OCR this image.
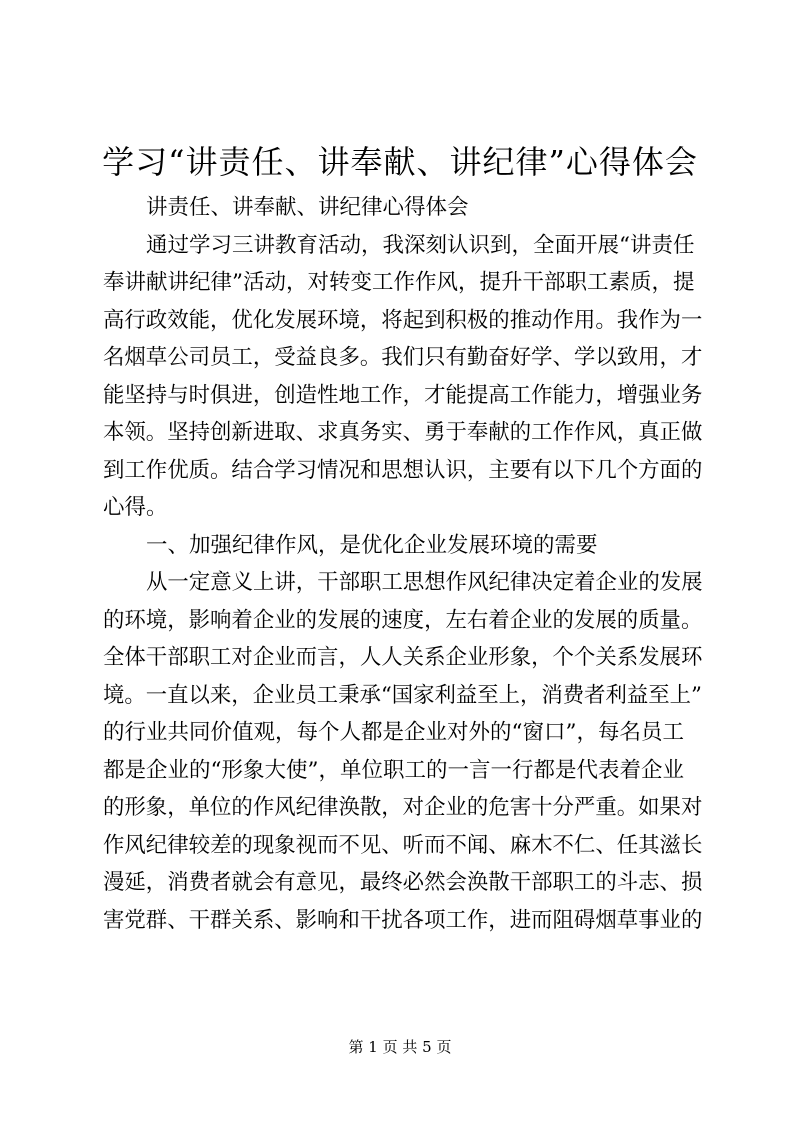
学习“讲责任、讲奉献、讲纪律”心得体会

讲责任、讲奉献、讲纪律心得体会

通过学习三讲教育活动，我深刻认识到，全面开展“讲责任
奉讲献讲纪律”活动，对转变工作作风，提升干部职工素质，提
高行政效能，优化发展环境，将起到积极的推动作用。我作为一
名烟草公司员工，受益良多。我们只有勤奋好学、学以致用，才
能坚持与时俱进，创造性地工作，才能提高工作能力，增强业务
本领。坚持创新进取、求真务实、勇于奉献的工作作风，真正做
到工作优质。结合学习情况和思想认识，主要有以下几个方面的
心得。

一、加强纪律作风，是优化企业发展环境的需要

从一定意义上讲，干部职工思想作风纪律决定着企业的发展
的环境，影响着企业的发展的速度，左右着企业的发展的质量。
全体干部职工对企业而言，人人关系企业形象，个个关系发展环
境。一直以来，企业员工秉承“国家利益至上，消费者利益至上”
的行业共同价值观，每个人都是企业对外的“窗口”，每名员工
都是企业的“形象大使”，单位职工的一言一行都是代表着企业
的形象，单位的作风纪律涣散，对企业的危害十分严重。如果对
作风纪律较差的现象视而不见、听而不闻、麻木不仁、任其滋长
漫延，消费者就会有意见，最终必然会涣散干部职工的斗志、损
害党群、干群关系、影响和干扰各项工作，进而阻碍烟草事业的

第 1 页 共 5 页
